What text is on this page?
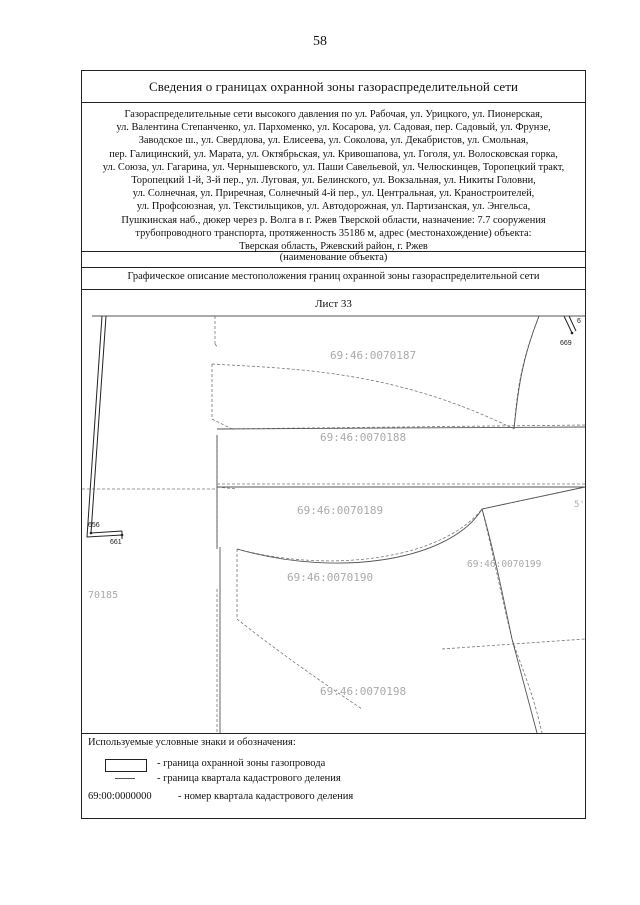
58
Сведения о границах охранной зоны газораспределительной сети
Газораспределительные сети высокого давления по ул. Рабочая, ул. Урицкого, ул. Пионерская,
ул. Валентина Степанченко, ул. Пархоменко, ул. Косарова, ул. Садовая, пер. Садовый, ул. Фрунзе,
Заводское ш., ул. Свердлова, ул. Елисеева, ул. Соколова, ул. Декабристов, ул. Смольная,
пер. Галицинский, ул. Марата, ул. Октябрьская, ул. Кривошапова, ул. Гоголя, ул. Волосковская горка,
ул. Союза, ул. Гагарина, ул. Чернышевского, ул. Паши Савельевой, ул. Челюскинцев, Торопецкий тракт,
Торопецкий 1-й, 3-й пер., ул. Луговая, ул. Белинского, ул. Вокзальная, ул. Никиты Головни,
ул. Солнечная, ул. Приречная, Солнечный 4-й пер., ул. Центральная, ул. Краностроителей,
ул. Профсоюзная, ул. Текстильщиков, ул. Автодорожная, ул. Партизанская, ул. Энгельса,
Пушкинская наб., дюкер через р. Волга в г. Ржев Тверской области, назначение: 7.7 сооружения
трубопроводного транспорта, протяженность 35186 м, адрес (местонахождение) объекта:
Тверская область, Ржевский район, г. Ржев
(наименование объекта)
Графическое описание местоположения границ охранной зоны газораспределительной сети
656
661
669
6
69:46:0070187
69:46:0070188
69:46:0070189
69:46:0070190
69:46:0070199
69:46:0070198
70185
5'
Лист 33
Используемые условные знаки и обозначения:
- граница охранной зоны газопровода
- граница квартала кадастрового деления
69:00:0000000	- номер квартала кадастрового деления
